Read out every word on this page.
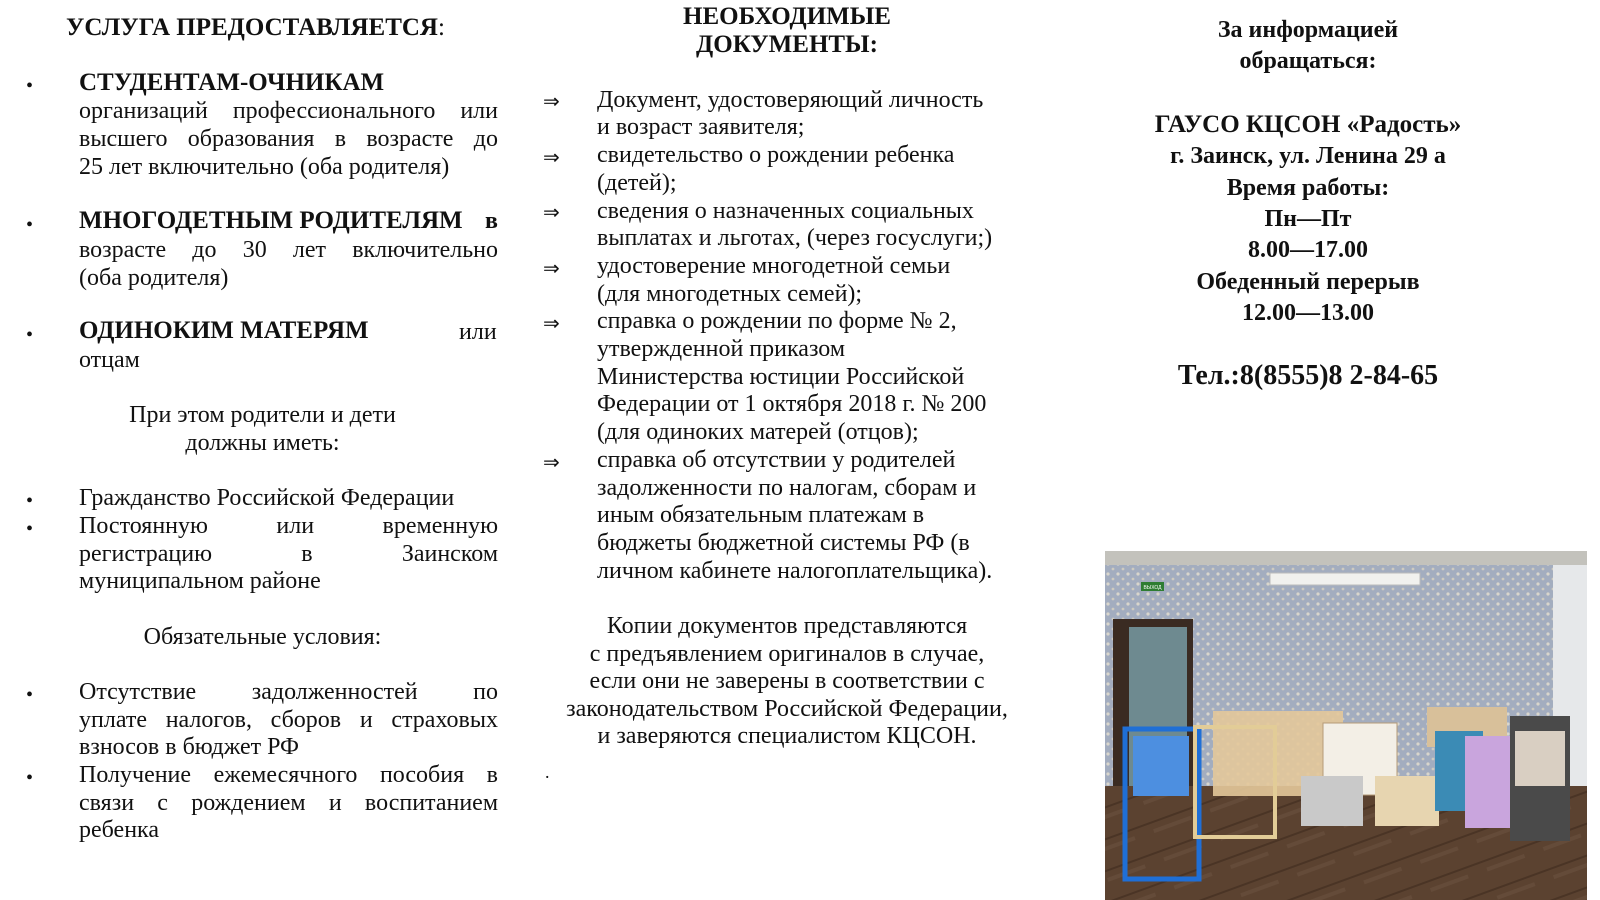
УСЛУГА ПРЕДОСТАВЛЯЕТСЯ:
• СТУДЕНТАМ-ОЧНИКАМ
организаций профессионального или
высшего образования в возрасте до
25 лет включительно (оба родителя)
• МНОГОДЕТНЫМ РОДИТЕЛЯМ в
возрасте до 30 лет включительно
(оба родителя)
• ОДИНОКИМ МАТЕРЯМ	или
отцам
При этом родители и дети
должны иметь:
• Гражданство Российской Федерации
• Постоянную или временную
регистрацию в Заинском
муниципальном районе
Обязательные условия:
• Отсутствие задолженностей по
уплате налогов, сборов и страховых
взносов в бюджет РФ
• Получение ежемесячного пособия в
связи с рождением и воспитанием
ребенка
НЕОБХОДИМЫЕ
ДОКУМЕНТЫ:
⇒ Документ, удостоверяющий личность
и возраст заявителя;
⇒ свидетельство о рождении ребенка
(детей);
⇒ сведения о назначенных социальных
выплатах и льготах, (через госуслуги;)
⇒ удостоверение многодетной семьи
(для многодетных семей);
⇒ справка о рождении по форме № 2,
утвержденной приказом
Министерства юстиции Российской
Федерации от 1 октября 2018 г. № 200
(для одиноких матерей (отцов);
⇒ справка об отсутствии у родителей
задолженности по налогам, сборам и
иным обязательным платежам в
бюджеты бюджетной системы РФ (в
личном кабинете налогоплательщика).
Копии документов представляются
с предъявлением оригиналов в случае,
если они не заверены в соответствии с
законодательством Российской Федерации,
и заверяются специалистом КЦСОН.
.
За информацией
обращаться:
ГАУСО КЦСОН «Радость»
г. Заинск, ул. Ленина 29 а
Время работы:
Пн—Пт
8.00—17.00
Обеденный перерыв
12.00—13.00
Тел.:8(8555)8 2-84-65
ВЫХОД
